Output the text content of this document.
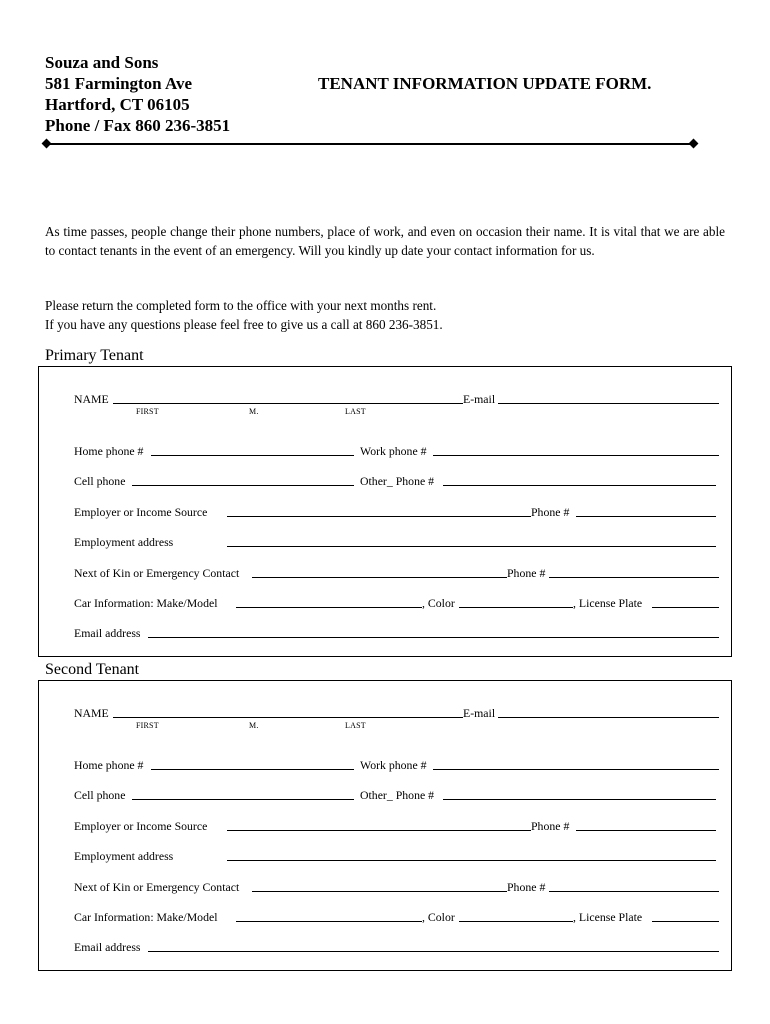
Souza and Sons
581 Farmington Ave
Hartford, CT 06105
Phone / Fax 860 236-3851
TENANT INFORMATION UPDATE FORM.
As time passes, people change their phone numbers, place of work, and even on occasion their name. It is vital that we are able to contact tenants in the event of an emergency. Will you kindly up date your contact information for us.
Please return the completed form to the office with your next months rent.
If you have any questions please feel free to give us a call at 860 236-3851.
Primary Tenant
NAME	E-mail
FIRST	M.	LAST
Home phone #	Work phone #
Cell phone	Other_ Phone #
Employer or Income Source	Phone #
Employment address
Next of Kin or Emergency Contact	Phone #
Car Information: Make/Model	, Color	, License Plate
Email address
Second Tenant
NAME	E-mail
FIRST	M.	LAST
Home phone #	Work phone #
Cell phone	Other_ Phone #
Employer or Income Source	Phone #
Employment address
Next of Kin or Emergency Contact	Phone #
Car Information: Make/Model	, Color	, License Plate
Email address
